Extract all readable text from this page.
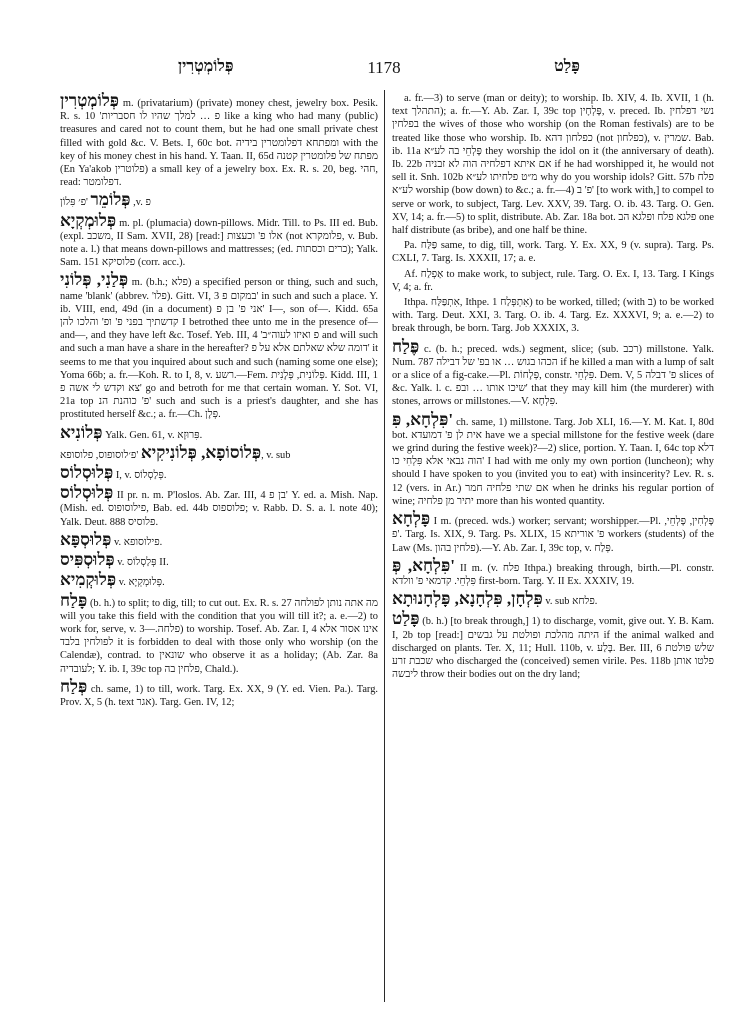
פְּלוֹמְטְרִין	1178	פָּלַט

פְּלוֹמְטְרִין m. (privatarium) (private) money chest, jewelry box. Pesik. R. s. 10 'פ … למלך שהיו לו חסבריות like a king who had many (public) treasures and cared not to count them, but he had one small private chest filled with gold &c. V. Bets. I, 60c bot. ומפתחא דפלומטרין בידיה with the key of his money chest in his hand. Y. Taan. II, 65d מפתח של פלומטרין קטנה (En Ya'akob פלוטרין) a small key of a jewelry box. Ex. R. s. 20, beg. חהי, read: דפלומטר.

פְּלוֹמֵר 'פ׳ פִּלוֹן ,v. פ

פְּלוּמְקְיָא m. pl. (plumacia) down-pillows. Midr. Till. to Ps. III ed. Bub. (expl. משכב, II Sam. XVII, 28) [read:] אלו פ' וכעצות (not פלומקרא, v. Bub. note a. l.) that means down-pillows and mattresses; (ed. כרים וכסתות); Yalk. Sam. 151 פלוסיקא (corr. acc.).

פְּלַנִי, פְּלוֹנִי m. (b.h.; פלא) a specified person or thing, such and such, name 'blank' (abbrev. 'פלו). Gitt. VI, 3 במקום פ' in such and such a place. Y. ib. VIII, end, 49d (in a document) אני פ' בן פ' I—, son of—. Kidd. 65a קדשתיך בפני פ' ופ' והלכו להן I betrothed thee unto me in the presence of—and—, and they have left &c. Tosef. Yeb. III, 4 'פ ואיזו לעוה״ב and will such and such a man have a share in the hereafter? דומה שלא שאלתם אלא על פ' it seems to me that you inquired about such and such (naming some one else); Yoma 66b; a. fr.—Koh. R. to I, 8, v. רשע.—Fem. פְּלוֹנִית, פְּלָנִית. Kidd. III, 1 צא וקדש לי אשה פ' go and betroth for me that certain woman. Y. Sot. VI, 21a top פ' כוהנת הנ' such and such is a priest's daughter, and she has prostituted herself &c.; a. fr.—Ch. פְּלָן.

פְּלוֹנִיא Yalk. Gen. 61, v. פִּרוּזָא.

פְּלוֹסוֹפָא, פְּלוֹנִיקִיא 'פ׳לוסופוס, פלוסופא, v. sub

פְּלוּסְלוֹס I, v. פְּלַסְלוֹס.

פְּלוּסְלוֹס II pr. n. m. P'loslos. Ab. Zar. III, 4 בן פ' Y. ed. a. Mish. Nap. (Mish. ed. פילוסופוס, Bab. ed. 44b פלוספוס; v. Rabb. D. S. a. l. note 40); Yalk. Deut. 888 פלוסיס.

פְּלוּסְפָּא v. פילוסופא.

פְּלוּסְפִּיס v. פְּלַסְלוֹס II.

פְּלוּקְמִיא v. פְּלוּמְקְיָא.

פָּלַח (b. h.) to split; to dig, till; to cut out. Ex. R. s. 27 מה אתה נותן לפולחה will you take this field with the condition that you will till it?; a. e.—2) to work for, serve, v. פלחה.—3) to worship. Tosef. Ab. Zar. I, 4 אינו אסור אלא לפולחין בלבד it is forbidden to deal with those only who worship (on the Calendæ), contrad. to שונאין who observe it as a holiday; (Ab. Zar. 8a לעובדיה; Y. ib. I, 39c top פלחין בה, Chald.).

פְּלַח ch. same, 1) to till, work. Targ. Ex. XX, 9 (Y. ed. Vien. Pa.). Targ. Prov. X, 5 (h. text אגר). Targ. Gen. IV, 12;

a. fr.—3) to serve (man or deity); to worship. Ib. XIV, 4. Ib. XVII, 1 (h. text התהלך); a. fr.—Y. Ab. Zar. I, 39c top פָּלְחָין, v. preced. Ib. נשי דפלחין בפלחין the wives of those who worship (on the Roman festivals) are to be treated like those who worship. Ib. כפלחון דהא (not כפלחון), v. שמרין. Bab. ib. 11a פָּלְחֵי בה לע״א they worship the idol on it (the anniversary of death). Ib. 22b אם איתא דפלחיה הוה לא זבניה if he had worshipped it, he would not sell it. Snh. 102b מ״ט פלחיתו לע״א why do you worship idols? Gitt. 57b פלח לע״א worship (bow down) to &c.; a. fr.—4) פ' ב' [to work with,] to compel to serve or work, to subject, Targ. Lev. XXV, 39. Targ. O. ib. 43. Targ. O. Gen. XV, 14; a. fr.—5) to split, distribute. Ab. Zar. 18a bot. פלגא פלח ופלגא הב one half distribute (as bribe), and one half be thine.

Pa. פַּלַּח same, to dig, till, work. Targ. Y. Ex. XX, 9 (v. supra). Targ. Ps. CXLI, 7. Targ. Is. XXXII, 17; a. e.

Af. אַפְלַח to make work, to subject, rule. Targ. O. Ex. I, 13. Targ. I Kings V, 4; a. fr.

Ithpa. אִתְפַּלַּח, Ithpe. אִתְפְּלַח 1) to be worked, tilled; (with ב) to be worked with. Targ. Deut. XXI, 3. Targ. O. ib. 4. Targ. Ez. XXXVI, 9; a. e.—2) to break through, be born. Targ. Job XXXIX, 3.

פֶּלַח c. (b. h.; preced. wds.) segment, slice; (sub. רכב) millstone. Yalk. Num. 787 הכהו בגוש … או בפ' של דבילה if he killed a man with a lump of salt or a slice of a fig-cake.—Pl. פְּלָחוֹת, constr. פִּלְחֵי. Dem. V, 5 פ' דבלה slices of &c. Yalk. l. c. שיכו אותו … ובפ' that they may kill him (the murderer) with stones, arrows or millstones.—V. פִּלְחָא.

פִּלְחָא, פִּ' ch. same, 1) millstone. Targ. Job XLI, 16.—Y. M. Kat. I, 80d bot. אית לן פ' דמועדא have we a special millstone for the festive week (dare we grind during the festive week)?—2) slice, portion. Y. Taan. I, 64c top דלא הוה גבאי אלא פִּלְחִי כו' I had with me only my own portion (luncheon); why should I have spoken to you (invited you to eat) with insincerity? Lev. R. s. 12 (vers. in Ar.) אם שתי פלחיה חמר when he drinks his regular portion of wine; יתיר מן פלחיה more than his wonted quantity.

פָּלְחָא I m. (preced. wds.) worker; servant; worshipper.—Pl. פָּלְחִין, פָּלְחֵי, 'פ. Targ. Is. XIX, 9. Targ. Ps. XLIX, 15 פ' אוריתא workers (students) of the Law (Ms. פלחין בהון).—Y. Ab. Zar. I, 39c top, v. פְּלַח.

פִּלְחָא, פְּ' II m. (v. פלח Ithpa.) breaking through, birth.—Pl. constr. פִּלְחֵי. קדמאי פ' וולדא first-born. Targ. Y. II Ex. XXXIV, 19.

פִּלְחָן, פִּלְחָנָא, פָּלְחָנוּתָא v. sub פלחא.

פָּלַט (b. h.) [to break through,] 1) to discharge, vomit, give out. Y. B. Kam. I, 2b top [read:] היתה מהלכת ופולטת על גבשים if the animal walked and discharged on plants. Ter. X, 11; Hull. 110b, v. בָּלַע. Ber. III, 6 שלש פולטת שכבת זרע who discharged the (conceived) semen virile. Pes. 118b פלטו אותן ליבשה throw their bodies out on the dry land;
